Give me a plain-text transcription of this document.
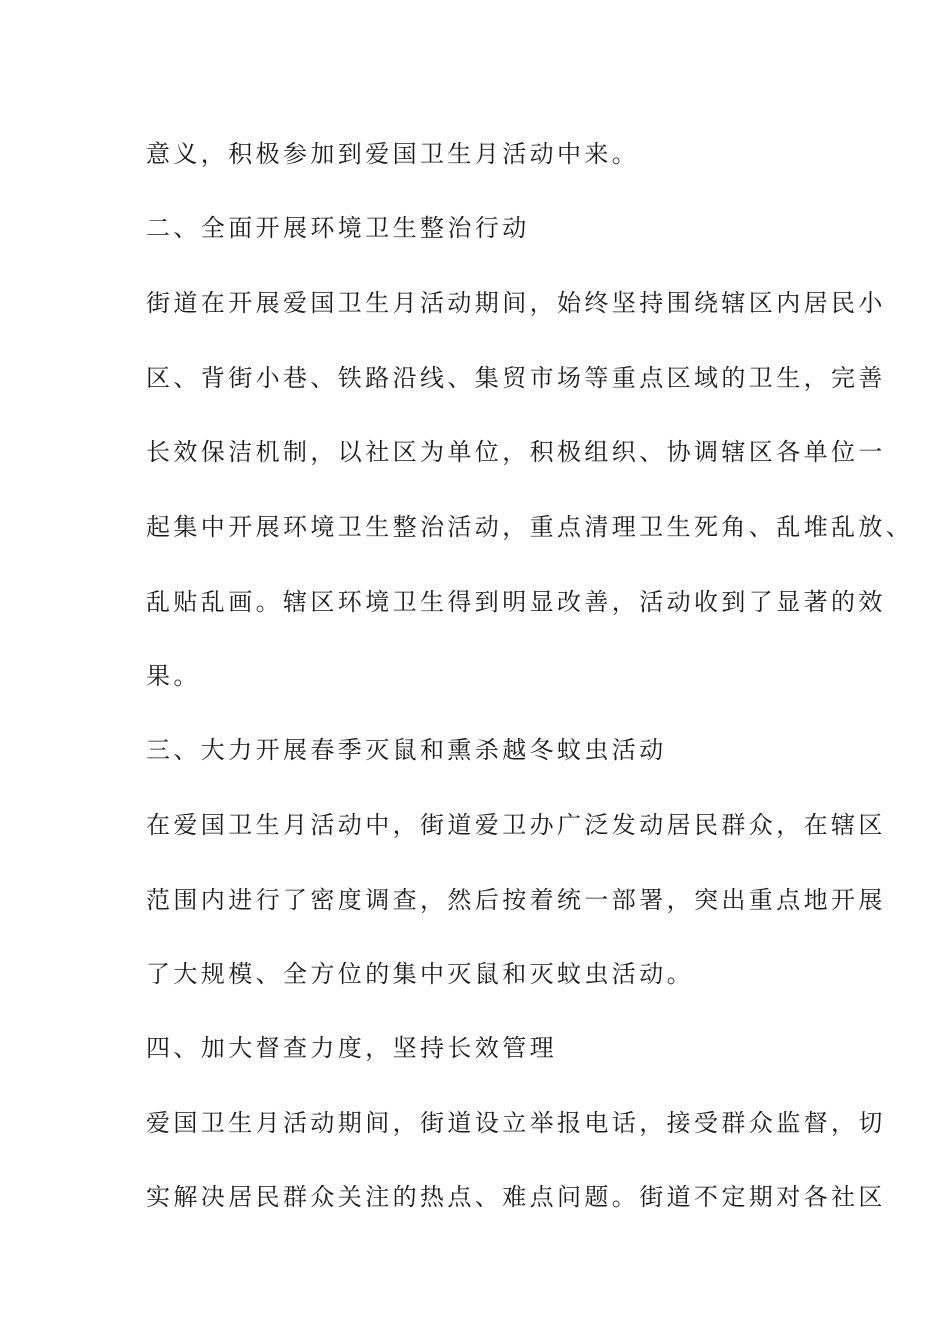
意义，积极参加到爱国卫生月活动中来。
二、全面开展环境卫生整治行动
街道在开展爱国卫生月活动期间，始终坚持围绕辖区内居民小
区、背街小巷、铁路沿线、集贸市场等重点区域的卫生，完善
长效保洁机制，以社区为单位，积极组织、协调辖区各单位一
起集中开展环境卫生整治活动，重点清理卫生死角、乱堆乱放、
乱贴乱画。辖区环境卫生得到明显改善，活动收到了显著的效
果。
三、大力开展春季灭鼠和熏杀越冬蚊虫活动
在爱国卫生月活动中，街道爱卫办广泛发动居民群众，在辖区
范围内进行了密度调查，然后按着统一部署，突出重点地开展
了大规模、全方位的集中灭鼠和灭蚊虫活动。
四、加大督查力度，坚持长效管理
爱国卫生月活动期间，街道设立举报电话，接受群众监督，切
实解决居民群众关注的热点、难点问题。街道不定期对各社区
